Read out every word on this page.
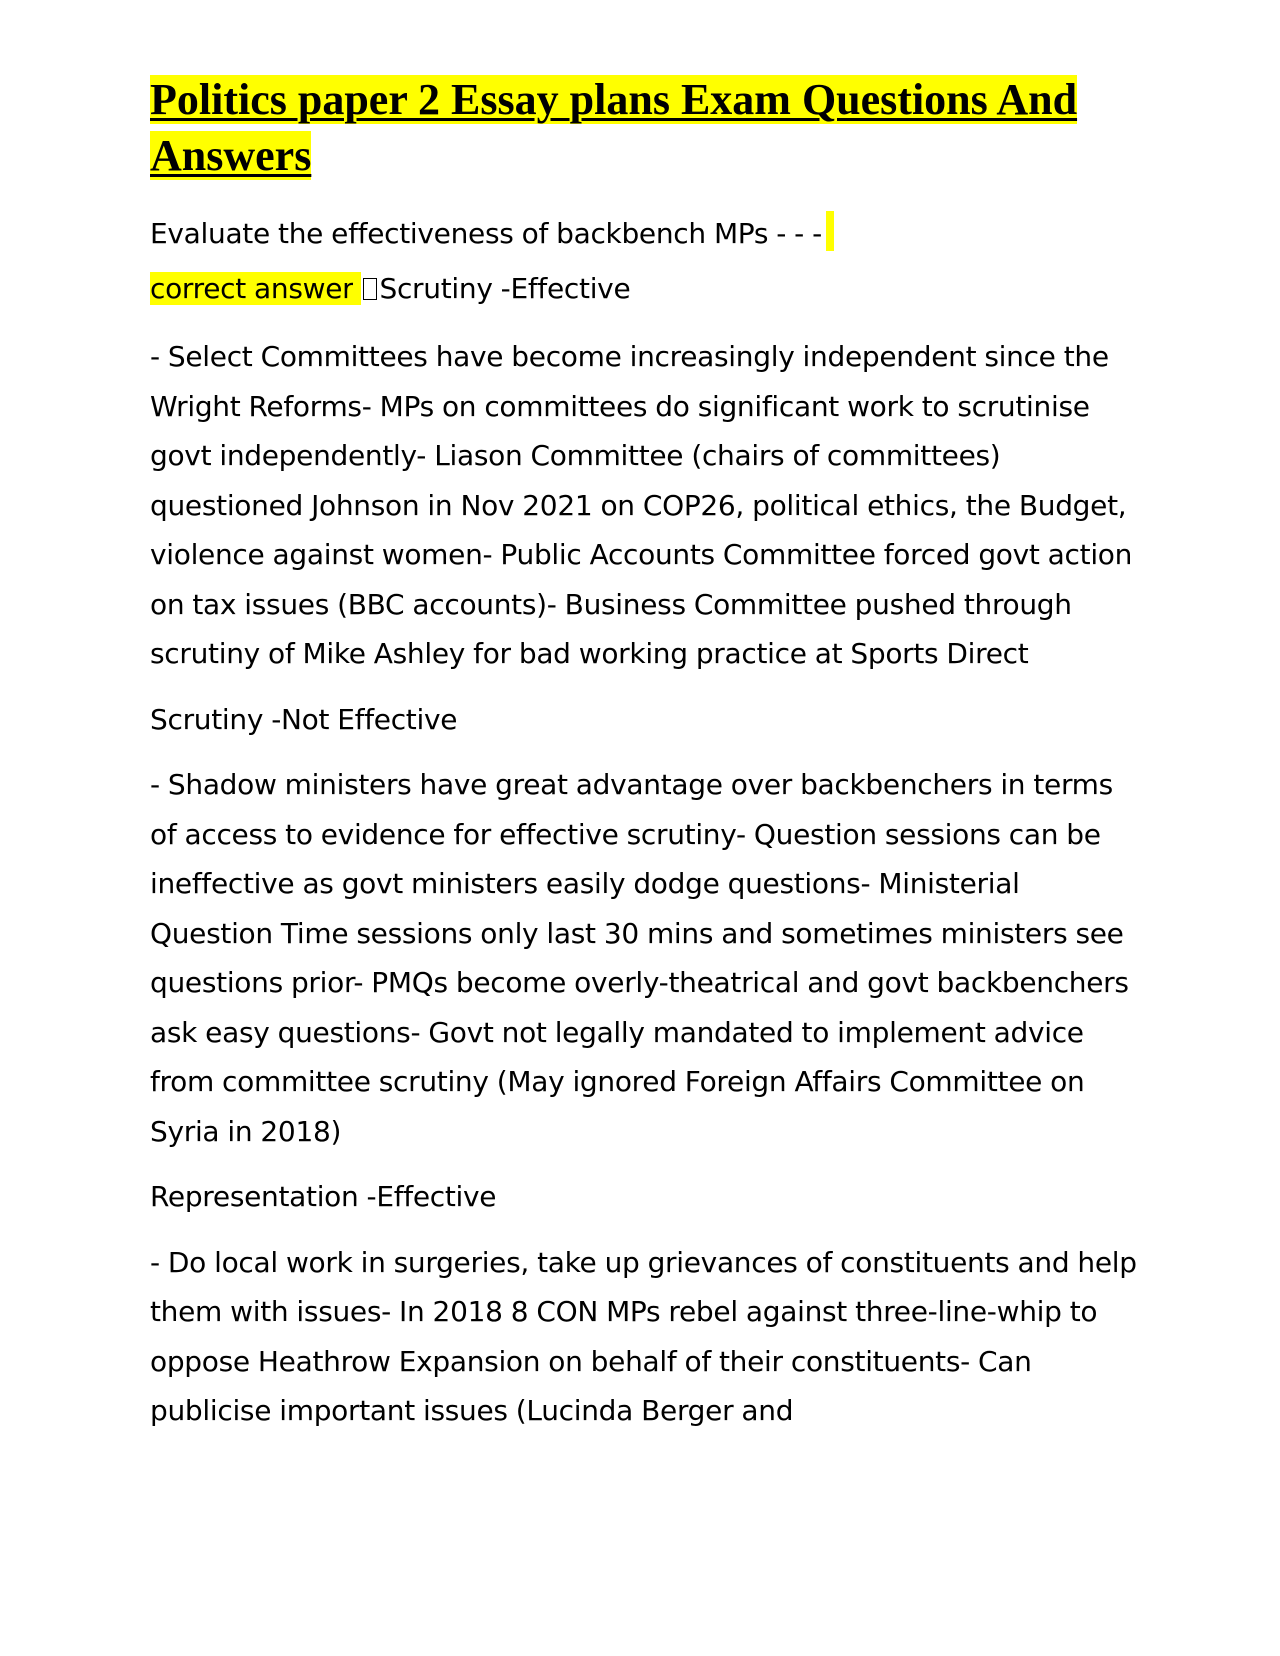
Politics paper 2 Essay plans Exam Questions And Answers
Evaluate the effectiveness of backbench MPs - - -
correct answer Scrutiny -Effective

- Select Committees have become increasingly independent since the Wright Reforms- MPs on committees do significant work to scrutinise govt independently- Liason Committee (chairs of committees) questioned Johnson in Nov 2021 on COP26, political ethics, the Budget, violence against women- Public Accounts Committee forced govt action on tax issues (BBC accounts)- Business Committee pushed through scrutiny of Mike Ashley for bad working practice at Sports Direct

Scrutiny -Not Effective

- Shadow ministers have great advantage over backbenchers in terms of access to evidence for effective scrutiny- Question sessions can be ineffective as govt ministers easily dodge questions- Ministerial Question Time sessions only last 30 mins and sometimes ministers see questions prior- PMQs become overly-theatrical and govt backbenchers ask easy questions- Govt not legally mandated to implement advice from committee scrutiny (May ignored Foreign Affairs Committee on Syria in 2018)

Representation -Effective

- Do local work in surgeries, take up grievances of constituents and help them with issues- In 2018 8 CON MPs rebel against three-line-whip to oppose Heathrow Expansion on behalf of their constituents- Can publicise important issues (Lucinda Berger and
